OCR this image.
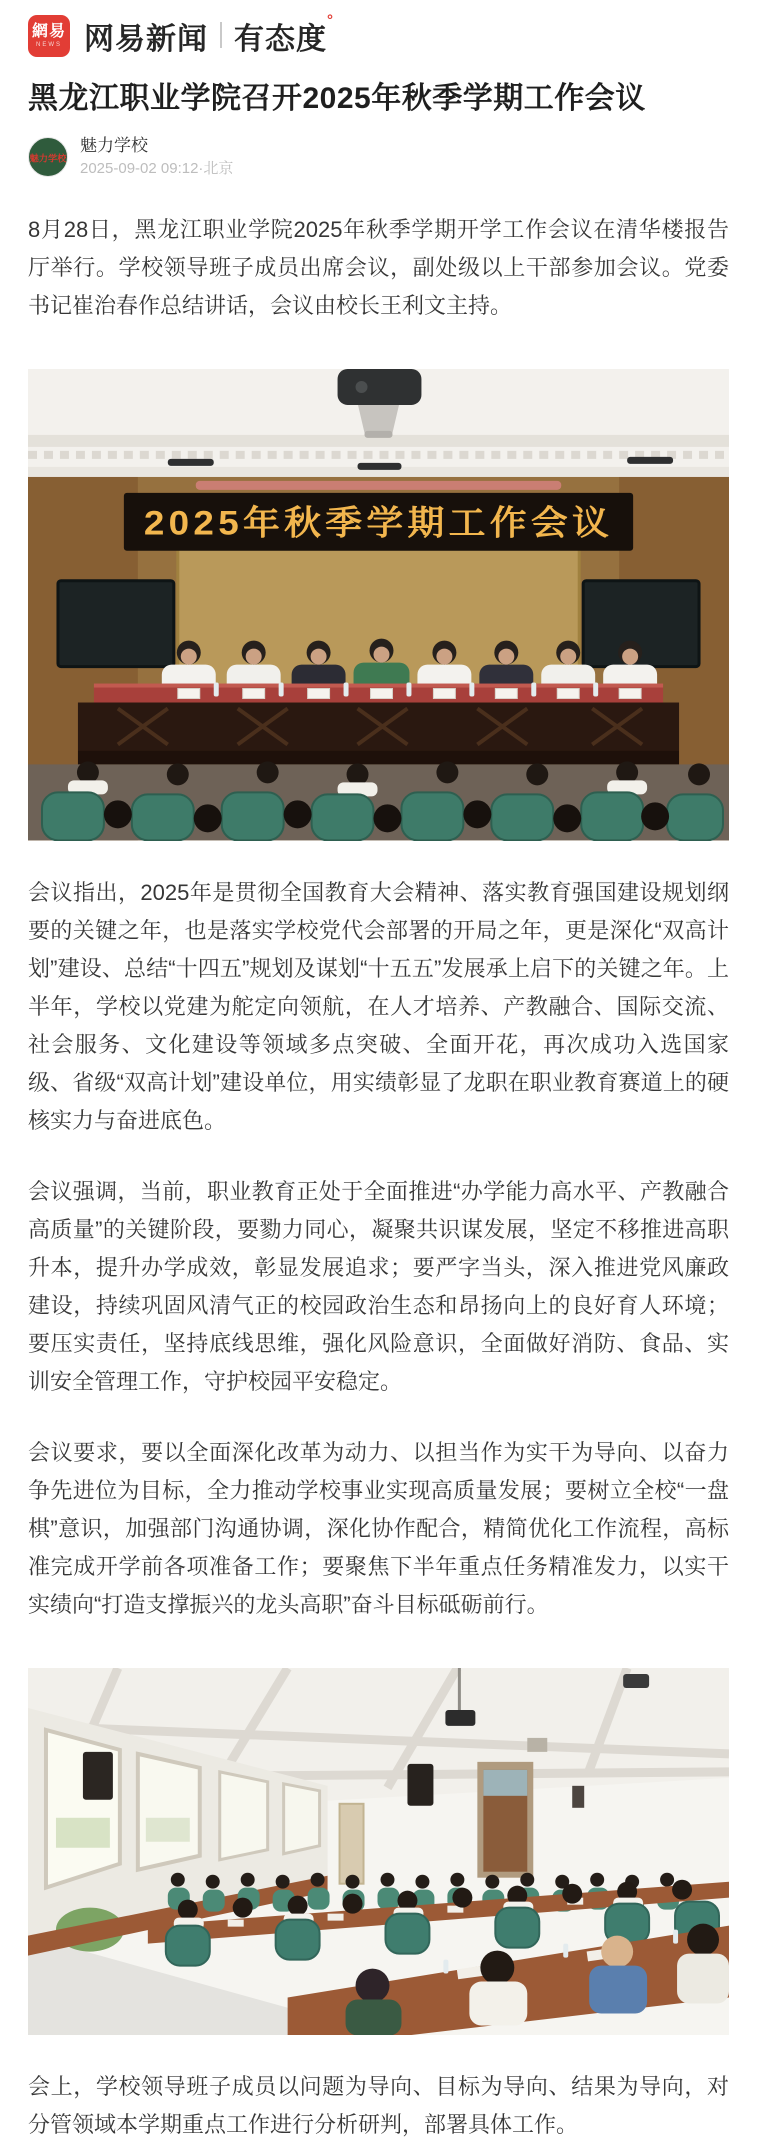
網易
NEWS 网易新闻 有态度
°
黑龙江职业学院召开2025年秋季学期工作会议
魅力学校
魅力学校
2025-09-02 09:12·北京

8月28日，黑龙江职业学院2025年秋季学期开学工作会议在清华楼报告厅举行。学校领导班子成员出席会议，副处级以上干部参加会议。党委书记崔治春作总结讲话，会议由校长王利文主持。

2025年秋季学期工作会议

会议指出，2025年是贯彻全国教育大会精神、落实教育强国建设规划纲要的关键之年，也是落实学校党代会部署的开局之年，更是深化“双高计划”建设、总结“十四五”规划及谋划“十五五”发展承上启下的关键之年。上半年，学校以党建为舵定向领航，在人才培养、产教融合、国际交流、社会服务、文化建设等领域多点突破、全面开花，再次成功入选国家级、省级“双高计划”建设单位，用实绩彰显了龙职在职业教育赛道上的硬核实力与奋进底色。

会议强调，当前，职业教育正处于全面推进“办学能力高水平、产教融合高质量”的关键阶段，要勠力同心，凝聚共识谋发展，坚定不移推进高职升本，提升办学成效，彰显发展追求；要严字当头，深入推进党风廉政建设，持续巩固风清气正的校园政治生态和昂扬向上的良好育人环境；要压实责任，坚持底线思维，强化风险意识，全面做好消防、食品、实训安全管理工作，守护校园平安稳定。

会议要求，要以全面深化改革为动力、以担当作为实干为导向、以奋力争先进位为目标，全力推动学校事业实现高质量发展；要树立全校“一盘棋”意识，加强部门沟通协调，深化协作配合，精简优化工作流程，高标准完成开学前各项准备工作；要聚焦下半年重点任务精准发力，以实干实绩向“打造支撑振兴的龙头高职”奋斗目标砥砺前行。

会上，学校领导班子成员以问题为导向、目标为导向、结果为导向，对分管领域本学期重点工作进行分析研判，部署具体工作。
